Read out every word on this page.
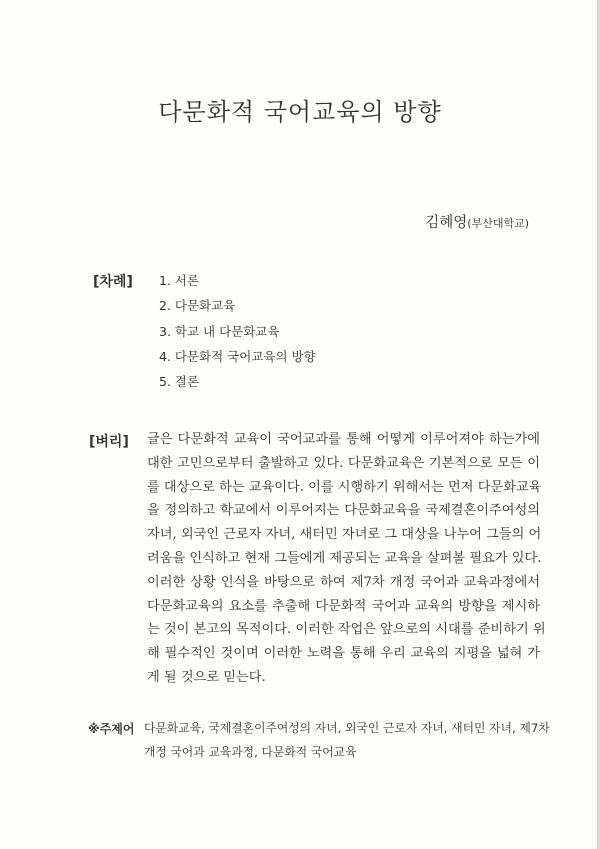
다문화적 국어교육의 방향
김혜영(부산대학교)
[차례] 1. 서론
2. 다문화교육
3. 학교 내 다문화교육
4. 다문화적 국어교육의 방향
5. 결론
[벼리] 글은 다문화적 교육이 국어교과를 통해 어떻게 이루어져야 하는가에
대한 고민으로부터 출발하고 있다. 다문화교육은 기본적으로 모든 이
를 대상으로 하는 교육이다. 이를 시행하기 위해서는 먼저 다문화교육
을 정의하고 학교에서 이루어지는 다문화교육을 국제결혼이주여성의
자녀, 외국인 근로자 자녀, 새터민 자녀로 그 대상을 나누어 그들의 어
려움을 인식하고 현재 그들에게 제공되는 교육을 살펴볼 필요가 있다.
이러한 상황 인식을 바탕으로 하여 제7차 개정 국어과 교육과정에서
다문화교육의 요소를 추출해 다문화적 국어과 교육의 방향을 제시하
는 것이 본고의 목적이다. 이러한 작업은 앞으로의 시대를 준비하기 위
해 필수적인 것이며 이러한 노력을 통해 우리 교육의 지평을 넓혀 가
게 될 것으로 믿는다.
※주제어 다문화교육, 국제결혼이주여성의 자녀, 외국인 근로자 자녀, 새터민 자녀, 제7차
개정 국어과 교육과정, 다문화적 국어교육
